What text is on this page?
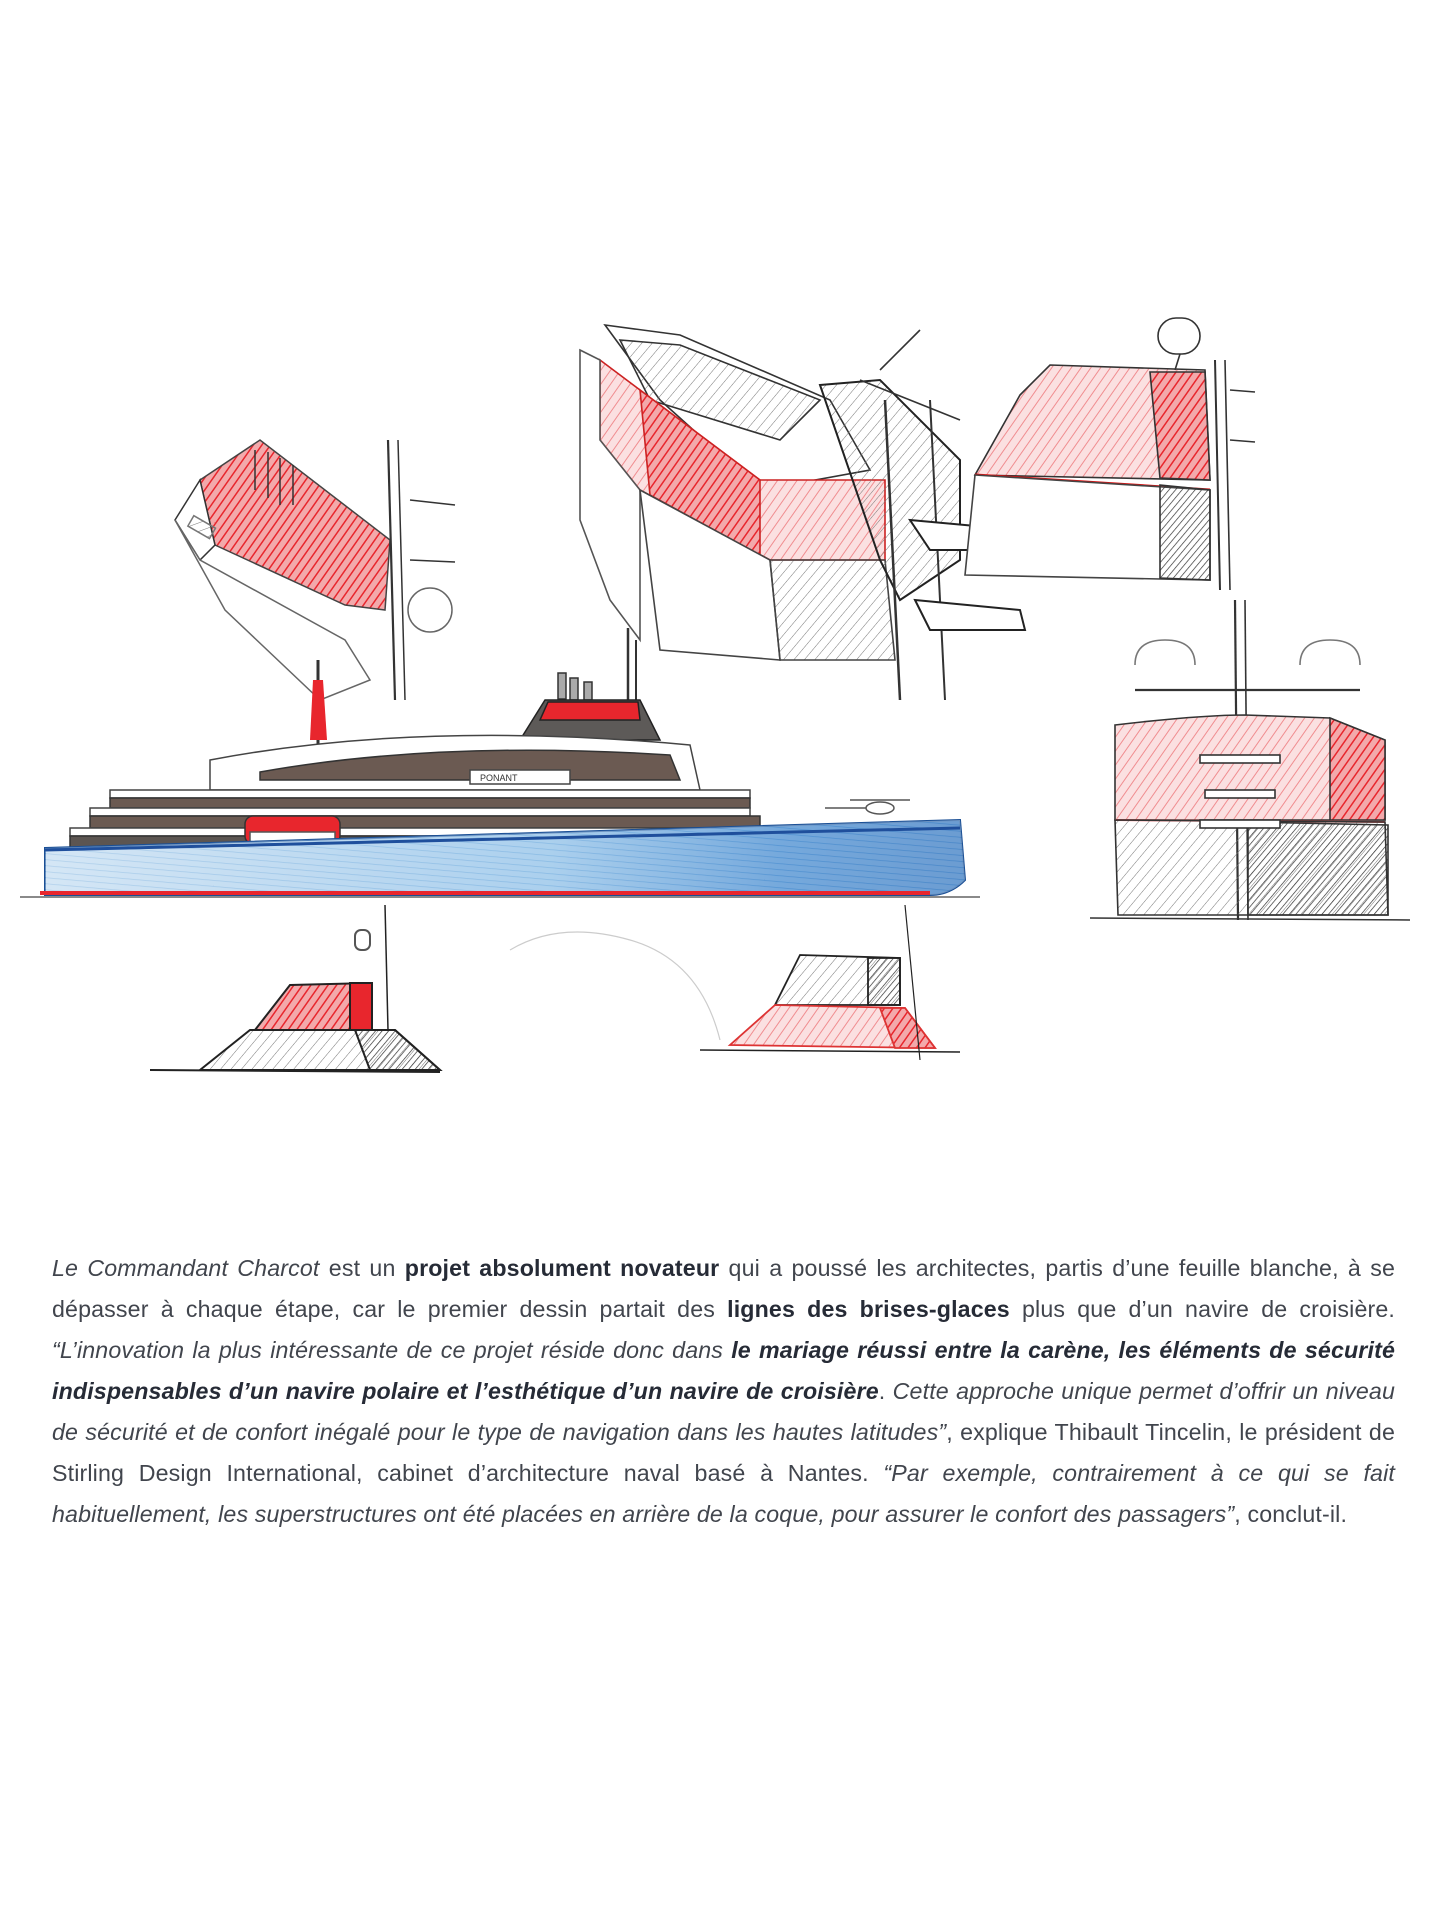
PONANT

Le Commandant Charcot est un projet absolument novateur qui a poussé les architectes, partis d’une feuille blanche, à se dépasser à chaque étape, car le premier dessin partait des lignes des brises-glaces plus que d’un navire de croisière. “L’innovation la plus intéressante de ce projet réside donc dans le mariage réussi entre la carène, les éléments de sécurité indispensables d’un navire polaire et l’esthétique d’un navire de croisière. Cette approche unique permet d’offrir un niveau de sécurité et de confort inégalé pour le type de navigation dans les hautes latitudes”, explique Thibault Tincelin, le président de Stirling Design International, cabinet d’architecture naval basé à Nantes. “Par exemple, contrairement à ce qui se fait habituellement, les superstructures ont été placées en arrière de la coque, pour assurer le confort des passagers”, conclut-il.
